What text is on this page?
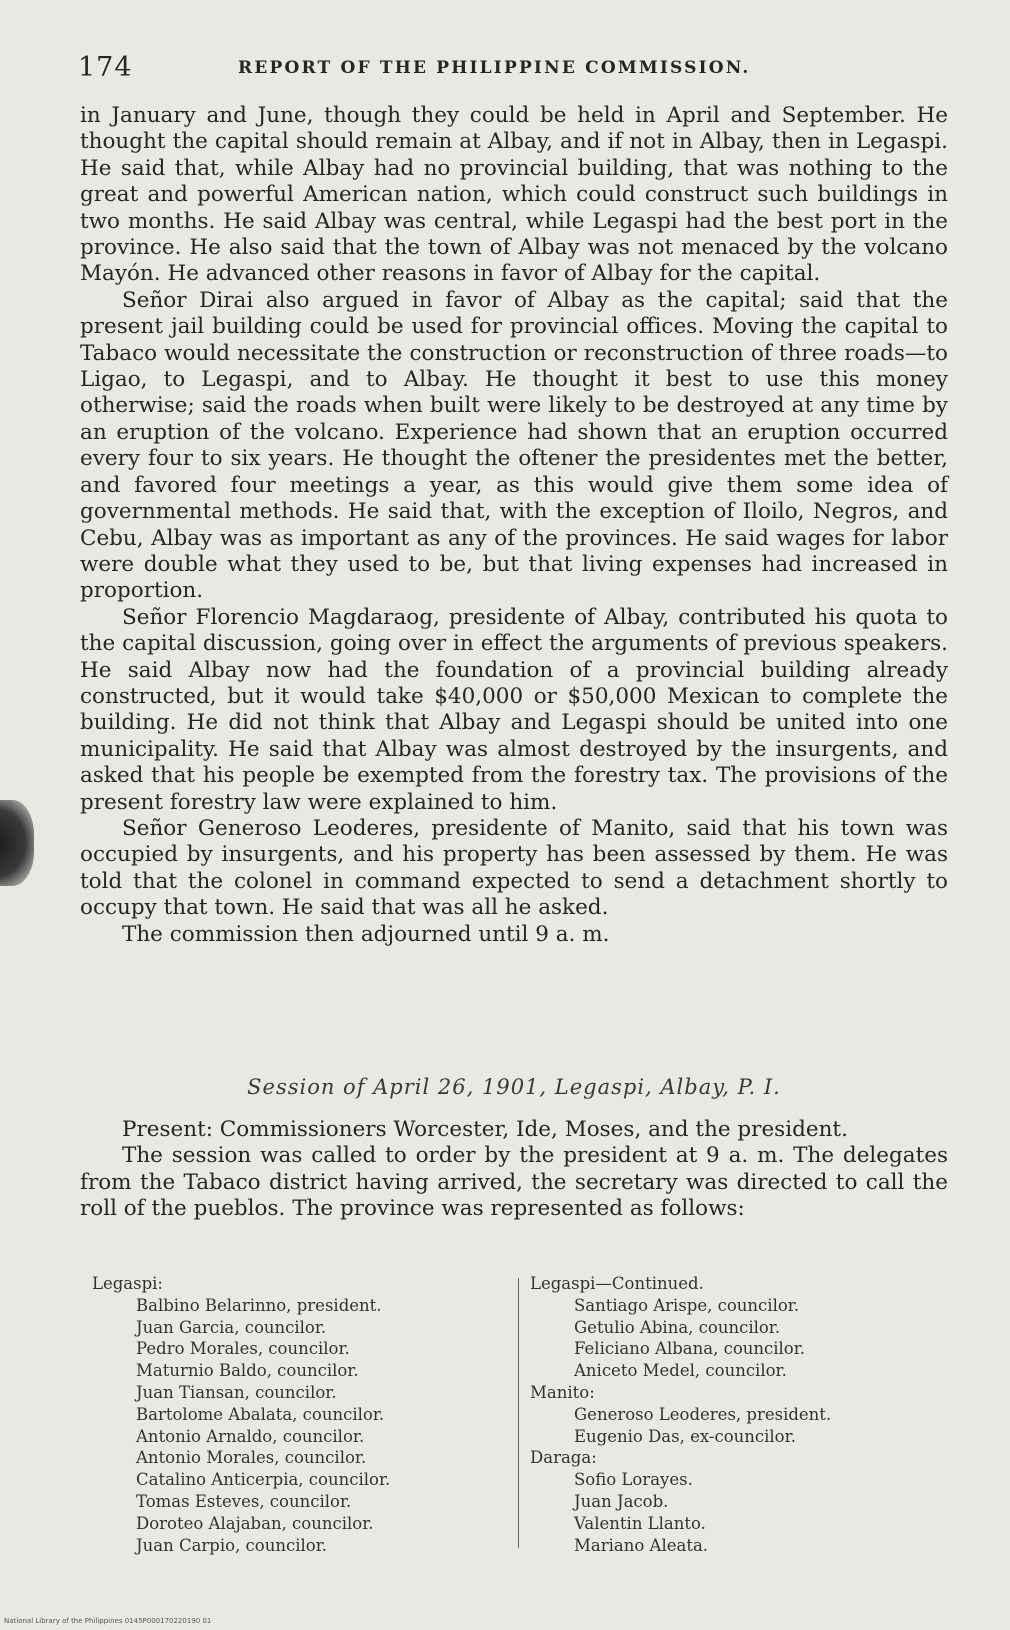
174	REPORT OF THE PHILIPPINE COMMISSION.

in January and June, though they could be held in April and September. He thought the capital should remain at Albay, and if not in Albay, then in Legaspi. He said that, while Albay had no provincial building, that was nothing to the great and powerful American nation, which could construct such buildings in two months. He said Albay was central, while Legaspi had the best port in the province. He also said that the town of Albay was not menaced by the volcano Mayón. He advanced other reasons in favor of Albay for the capital.

Señor Dirai also argued in favor of Albay as the capital; said that the present jail building could be used for provincial offices. Moving the capital to Tabaco would necessitate the construction or reconstruction of three roads—to Ligao, to Legaspi, and to Albay. He thought it best to use this money otherwise; said the roads when built were likely to be destroyed at any time by an eruption of the volcano. Experience had shown that an eruption occurred every four to six years. He thought the oftener the presidentes met the better, and favored four meetings a year, as this would give them some idea of governmental methods. He said that, with the exception of Iloilo, Negros, and Cebu, Albay was as important as any of the provinces. He said wages for labor were double what they used to be, but that living expenses had increased in proportion.

Señor Florencio Magdaraog, presidente of Albay, contributed his quota to the capital discussion, going over in effect the arguments of previous speakers. He said Albay now had the foundation of a provincial building already constructed, but it would take $40,000 or $50,000 Mexican to complete the building. He did not think that Albay and Legaspi should be united into one municipality. He said that Albay was almost destroyed by the insurgents, and asked that his people be exempted from the forestry tax. The provisions of the present forestry law were explained to him.

Señor Generoso Leoderes, presidente of Manito, said that his town was occupied by insurgents, and his property has been assessed by them. He was told that the colonel in command expected to send a detachment shortly to occupy that town. He said that was all he asked.

The commission then adjourned until 9 a. m.

Session of April 26, 1901, Legaspi, Albay, P. I.

Present: Commissioners Worcester, Ide, Moses, and the president.

The session was called to order by the president at 9 a. m. The delegates from the Tabaco district having arrived, the secretary was directed to call the roll of the pueblos. The province was represented as follows:

Legaspi:

Balbino Belarinno, president.

Juan Garcia, councilor.

Pedro Morales, councilor.

Maturnio Baldo, councilor.

Juan Tiansan, councilor.

Bartolome Abalata, councilor.

Antonio Arnaldo, councilor.

Antonio Morales, councilor.

Catalino Anticerpia, councilor.

Tomas Esteves, councilor.

Doroteo Alajaban, councilor.

Juan Carpio, councilor.

Legaspi—Continued.

Santiago Arispe, councilor.

Getulio Abina, councilor.

Feliciano Albana, councilor.

Aniceto Medel, councilor.

Manito:

Generoso Leoderes, president.

Eugenio Das, ex-councilor.

Daraga:

Sofio Lorayes.

Juan Jacob.

Valentin Llanto.

Mariano Aleata.

National Library of the Philippines 0145P000170220190 01
